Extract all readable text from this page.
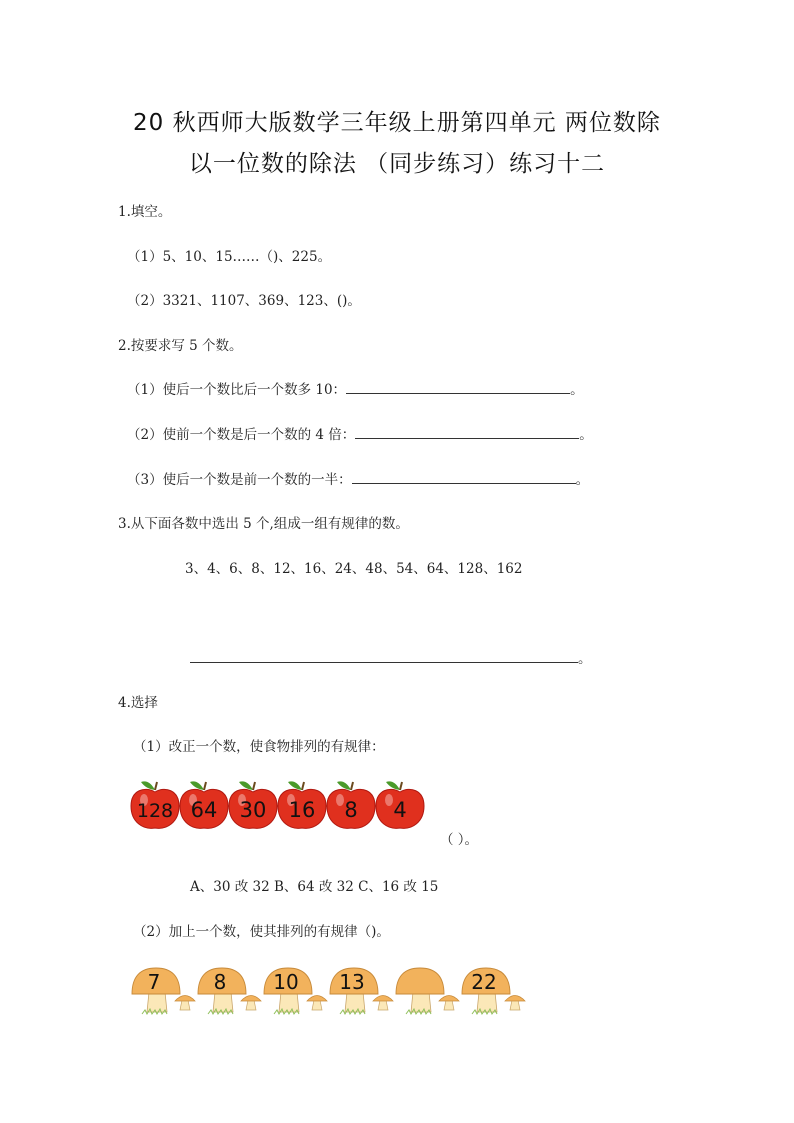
20 秋西师大版数学三年级上册第四单元 两位数除
以一位数的除法 （同步练习）练习十二
1.填空。
（1）5、10、15……（)、225。
（2）3321、1107、369、123、()。
2.按要求写 5 个数。
（1）使后一个数比后一个数多 10：	。
（2）使前一个数是后一个数的 4 倍：	。
（3）使后一个数是前一个数的一半：	。
3.从下面各数中选出 5 个,组成一组有规律的数。
3、4、6、8、12、16、24、48、54、64、128、162
。
4.选择
（1）改正一个数，使食物排列的有规律：
128 64 30 16 8 4
（ ）。
A、30 改 32 B、64 改 32 C、16 改 15
（2）加上一个数，使其排列的有规律（)。
7	8 10 13	22
